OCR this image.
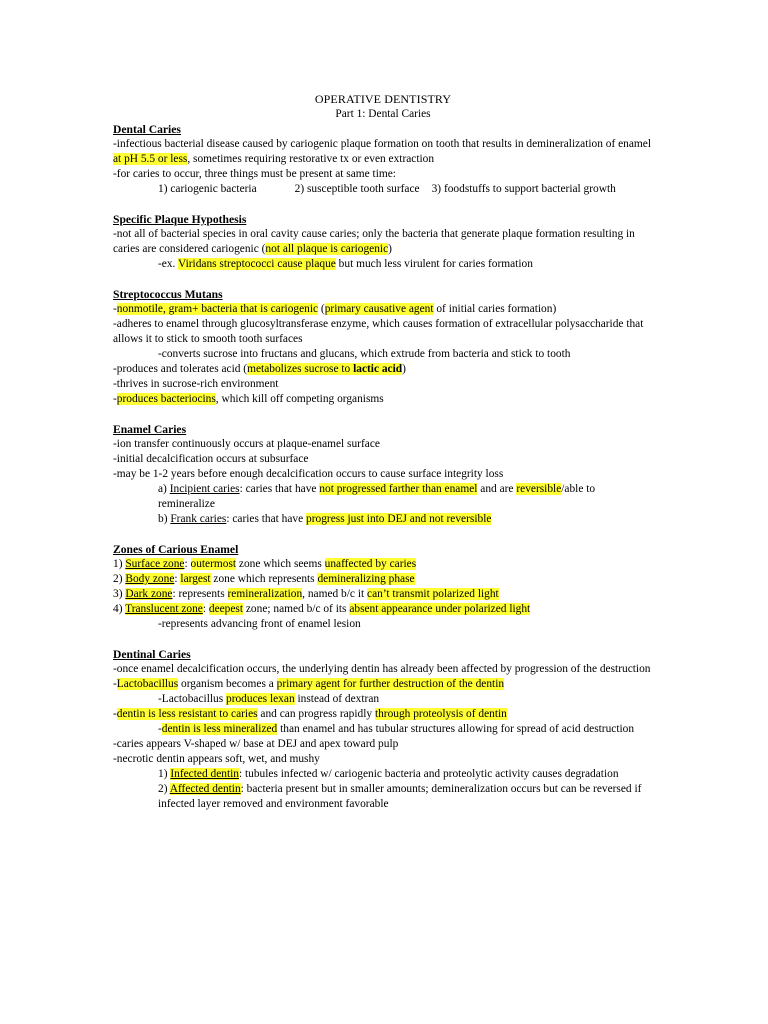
OPERATIVE DENTISTRY
Part 1: Dental Caries
Dental Caries
-infectious bacterial disease caused by cariogenic plaque formation on tooth that results in demineralization of enamel at pH 5.5 or less, sometimes requiring restorative tx or even extraction
-for caries to occur, three things must be present at same time:
1) cariogenic bacteria	2) susceptible tooth surface 3) foodstuffs to support bacterial growth
Specific Plaque Hypothesis
-not all of bacterial species in oral cavity cause caries; only the bacteria that generate plaque formation resulting in caries are considered cariogenic (not all plaque is cariogenic)
-ex. Viridans streptococci cause plaque but much less virulent for caries formation
Streptococcus Mutans
-nonmotile, gram+ bacteria that is cariogenic (primary causative agent of initial caries formation)
-adheres to enamel through glucosyltransferase enzyme, which causes formation of extracellular polysaccharide that allows it to stick to smooth tooth surfaces
-converts sucrose into fructans and glucans, which extrude from bacteria and stick to tooth
-produces and tolerates acid (metabolizes sucrose to lactic acid)
-thrives in sucrose-rich environment
-produces bacteriocins, which kill off competing organisms
Enamel Caries
-ion transfer continuously occurs at plaque-enamel surface
-initial decalcification occurs at subsurface
-may be 1-2 years before enough decalcification occurs to cause surface integrity loss
a) Incipient caries: caries that have not progressed farther than enamel and are reversible/able to remineralize
b) Frank caries: caries that have progress just into DEJ and not reversible
Zones of Carious Enamel
1) Surface zone: outermost zone which seems unaffected by caries
2) Body zone: largest zone which represents demineralizing phase
3) Dark zone: represents remineralization, named b/c it can’t transmit polarized light
4) Translucent zone: deepest zone; named b/c of its absent appearance under polarized light
-represents advancing front of enamel lesion
Dentinal Caries
-once enamel decalcification occurs, the underlying dentin has already been affected by progression of the destruction
-Lactobacillus organism becomes a primary agent for further destruction of the dentin
-Lactobacillus produces lexan instead of dextran
-dentin is less resistant to caries and can progress rapidly through proteolysis of dentin
-dentin is less mineralized than enamel and has tubular structures allowing for spread of acid destruction
-caries appears V-shaped w/ base at DEJ and apex toward pulp
-necrotic dentin appears soft, wet, and mushy
1) Infected dentin: tubules infected w/ cariogenic bacteria and proteolytic activity causes degradation
2) Affected dentin: bacteria present but in smaller amounts; demineralization occurs but can be reversed if infected layer removed and environment favorable
